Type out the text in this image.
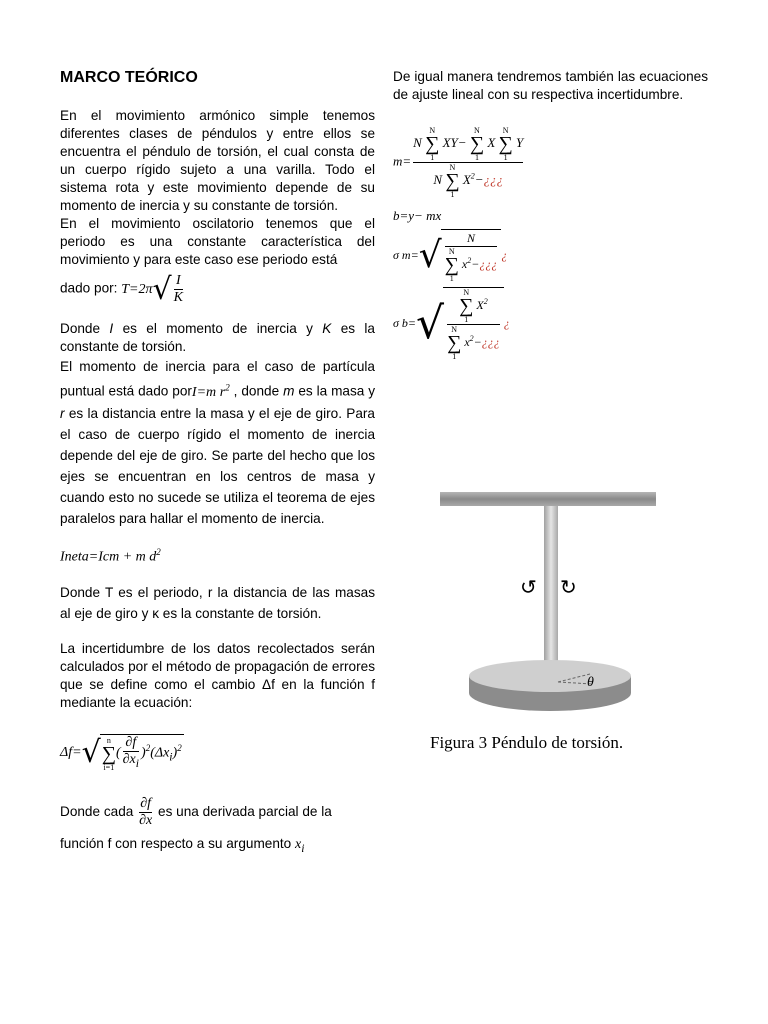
MARCO TEÓRICO

En el movimiento armónico simple tenemos diferentes clases de péndulos y entre ellos se encuentra el péndulo de torsión, el cual consta de un cuerpo rígido sujeto a una varilla. Todo el sistema rota y este movimiento depende de su momento de inercia y su constante de torsión.

En el movimiento oscilatorio tenemos que el periodo es una constante característica del movimiento y para este caso ese periodo está

dado por: $T=2\pi√ \frac{I}{K}$

Donde I es el momento de inercia y K es la constante de torsión.

El momento de inercia para el caso de partícula puntual está dado porI=m $r^2$ , donde m es la masa y r es la distancia entre la masa y el eje de giro. Para el caso de cuerpo rígido el momento de inercia depende del eje de giro. Se parte del hecho que los ejes se encuentran en los centros de masa y cuando esto no sucede se utiliza el teorema de ejes paralelos para hallar el momento de inercia.

Ineta=Icm + m $d^2$

Donde T es el periodo, r la distancia de las masas al eje de giro y κ es la constante de torsión.

La incertidumbre de los datos recolectados serán calculados por el método de propagación de errores que se define como el cambio Δf en la función f mediante la ecuación:

Δf=√ n
∑
i=1
( $\frac{\partial f}{\partial x_i} )^2(\Delta x_i)^2$

Donde cada $\frac{\partial f}{\partial x}$ es una derivada parcial de la

función f con respecto a su argumento $x_i$

De igual manera tendremos también las ecuaciones de ajuste lineal con su respectiva incertidumbre.

m= N
N
∑
1
XY−
N
∑
1
X
N
∑
1
Y
N
N
∑
1
$X^2-¿¿¿$
b=y− mx
σ m=√ N
N
∑
1
$x^2-¿¿¿$ ¿
σ b=√ N
∑
1
$X^2$
N
∑
1
$x^2-¿¿¿$ ¿
θ
↺ ↻
Figura 3 Péndulo de torsión.
